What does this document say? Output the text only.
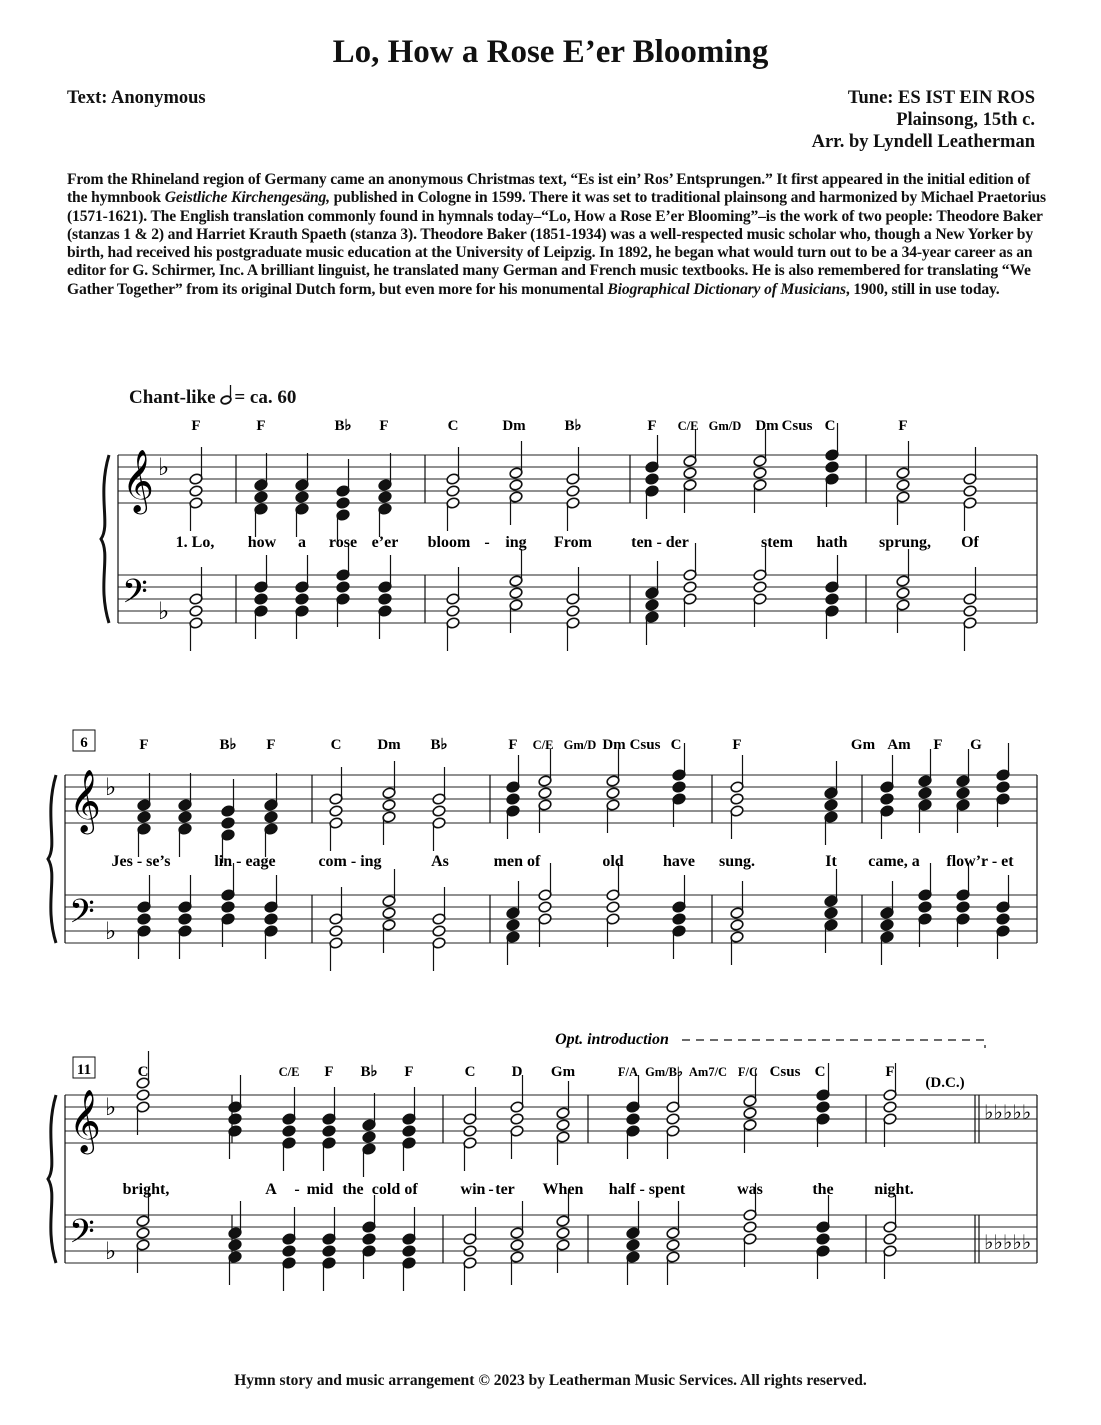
Lo, How a Rose E’er Blooming
Text: Anonymous	Tune: ES IST EIN ROS
Plainsong, 15th c.
Arr. by Lyndell Leatherman
From the Rhineland region of Germany came an anonymous Christmas text, “Es ist ein’ Ros’ Entsprungen.” It first appeared in the initial edition of the hymnbook Geistliche Kirchengesäng, published in Cologne in 1599. There it was set to traditional plainsong and harmonized by Michael Praetorius (1571-1621). The English translation commonly found in hymnals today–“Lo, How a Rose E’er Blooming”–is the work of two people: Theodore Baker (stanzas 1 & 2) and Harriet Krauth Spaeth (stanza 3). Theodore Baker (1851-1934) was a well-respected music scholar who, though a New Yorker by birth, had received his postgraduate music education at the University of Leipzig. In 1892, he began what would turn out to be a 34-year career as an editor for G. Schirmer, Inc. A brilliant linguist, he translated many German and French music textbooks. He is also remembered for translating “We Gather Together” from its original Dutch form, but even more for his monumental Biographical Dictionary of Musicians, 1900, still in use today.
Chant-like = ca. 60
𝄞 ♭
𝄢 ♭
F	F	B♭ F	C	Dm	B♭	F C/E Gm/D Dm Csus C	F
1. Lo, how a rose e’er bloom - ing From ten - der	stem hath sprung, Of
𝄞 ♭
𝄢 ♭
6	F	B♭ F	C Dm B♭	F C/E Gm/D Dm Csus C	F	Gm Am F G
Jes - se’s	lin - eage	com - ing	As	men of	old have sung.	It came, a flow’r - et
𝄞 ♭
𝄢 ♭
♭♭♭♭♭
♭♭♭♭♭
Opt. introduction
(D.C.)
11	C	C/E F B♭ F	C D Gm	F/A Gm/B♭ Am7/C F/C Csus C	F
bright,	A - mid the cold of	win - ter When half - spent	was	the	night.
Hymn story and music arrangement © 2023 by Leatherman Music Services. All rights reserved.
